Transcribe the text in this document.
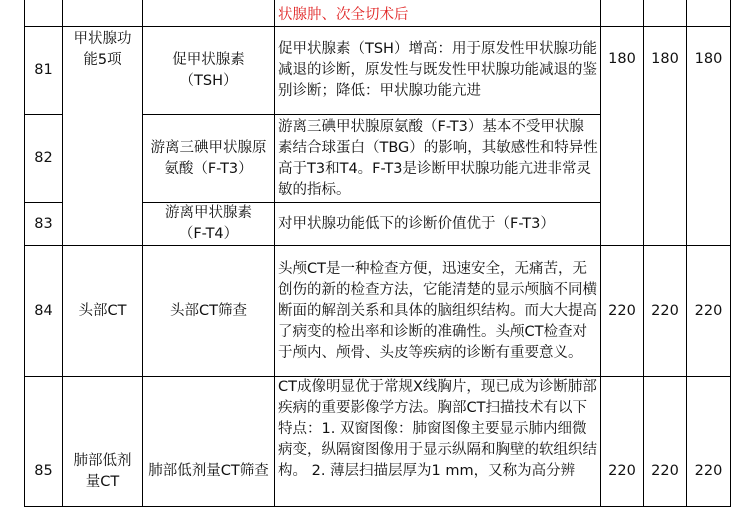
			状腺肿、次全切术后			

81	甲状腺功能5项	促甲状腺素（TSH）	促甲状腺素（TSH）增高：用于原发性甲状腺功能减退的诊断，原发性与既发性甲状腺功能减退的鉴别诊断；降低：甲状腺功能亢进	180	180	180
82		游离三碘甲状腺原氨酸（F-T3）	游离三碘甲状腺原氨酸（F-T3）基本不受甲状腺素结合球蛋白（TBG）的影响，其敏感性和特异性高于T3和T4。F-T3是诊断甲状腺功能亢进非常灵敏的指标。			
83		游离甲状腺素（F-T4）	对甲状腺功能低下的诊断价值优于（F-T3）			
84	头部CT	头部CT筛查	头颅CT是一种检查方便，迅速安全，无痛苦，无创伤的新的检查方法，它能清楚的显示颅脑不同横断面的解剖关系和具体的脑组织结构。而大大提高了病变的检出率和诊断的准确性。头颅CT检查对于颅内、颅骨、头皮等疾病的诊断有重要意义。	220	220	220
85	肺部低剂量CT	肺部低剂量CT筛查	CT成像明显优于常规X线胸片，现已成为诊断肺部疾病的重要影像学方法。胸部CT扫描技术有以下特点：1. 双窗图像：肺窗图像主要显示肺内细微病变，纵隔窗图像用于显示纵隔和胸壁的软组织结构。 2. 薄层扫描层厚为1 mm，又称为高分辨	220	220	220
